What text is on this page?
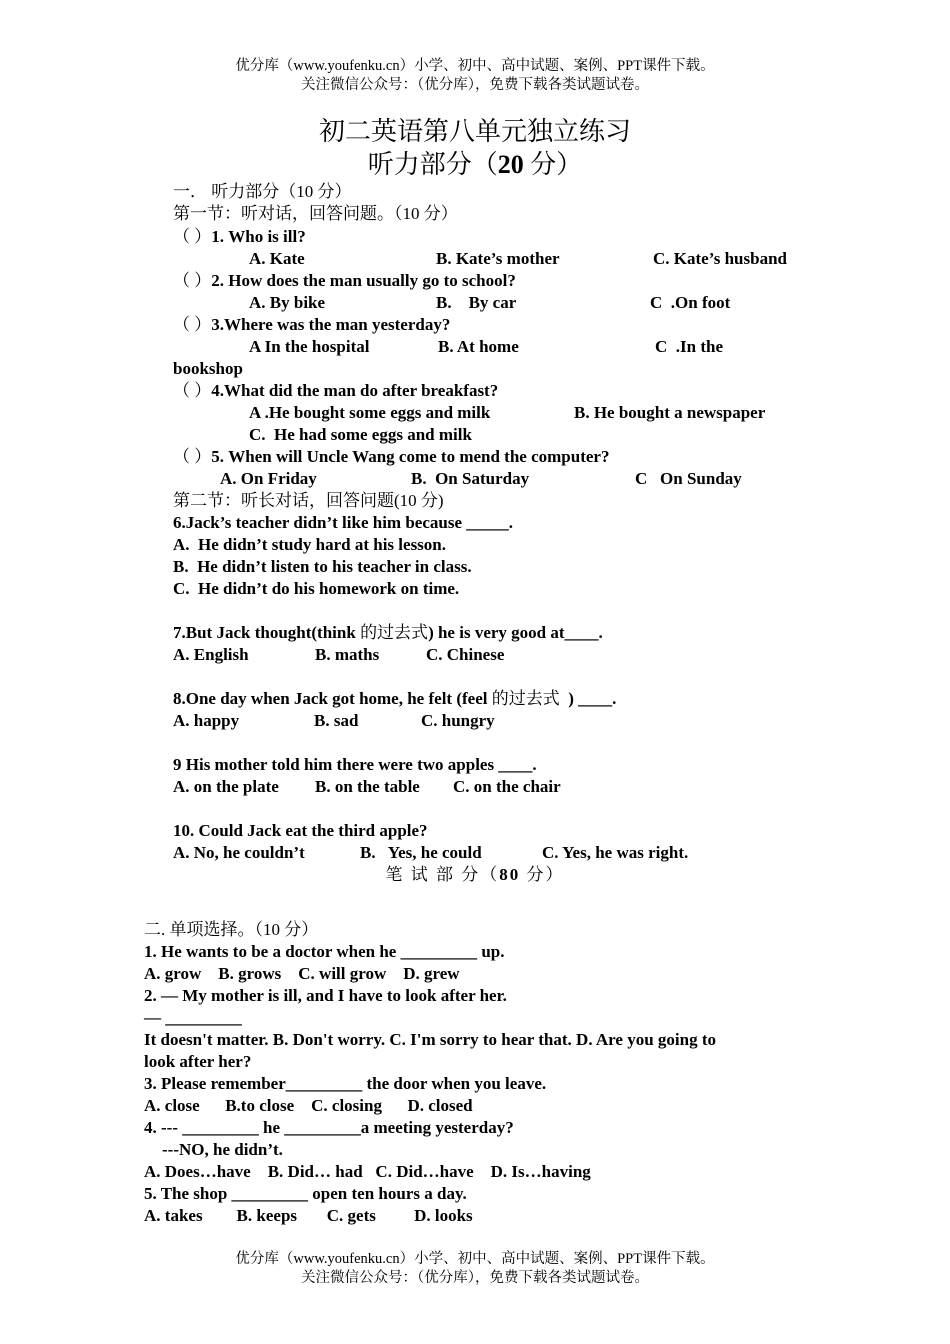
优分库（www.youfenku.cn）小学、初中、高中试题、案例、PPT课件下载。
关注微信公众号：（优分库），免费下载各类试题试卷。
初二英语第八单元独立练习
听力部分（20 分）
一． 听力部分（10 分）
第一节：听对话，回答问题。（10 分）
（ ）1. Who is ill?
A. Kate	B. Kate’s mother	C. Kate’s husband
（ ）2. How does the man usually go to school?
A. By bike	B.    By car	C  .On foot
（ ）3.Where was the man yesterday?
A In the hospital	B. At home	C  .In the
bookshop
（ ）4.What did the man do after breakfast?
A .He bought some eggs and milk	B. He bought a newspaper
C.  He had some eggs and milk
（ ）5. When will Uncle Wang come to mend the computer?
A. On Friday	B.  On Saturday	C   On Sunday
第二节：听长对话，回答问题(10 分)
6.Jack’s teacher didn’t like him because _____.
A.  He didn’t study hard at his lesson.
B.  He didn’t listen to his teacher in class.
C.  He didn’t do his homework on time.
7.But Jack thought(think 的过去式) he is very good at____.
A. English	B. maths	C. Chinese
8.One day when Jack got home, he felt (feel 的过去式  ) ____.
A. happy	B. sad	C. hungry
9 His mother told him there were two apples ____.
A. on the plate B. on the table C. on the chair
10. Could Jack eat the third apple?
A. No, he couldn’t	B.   Yes, he could	C. Yes, he was right.
笔 试 部 分（80 分）
二. 单项选择。（10 分）
1. He wants to be a doctor when he _________ up.
A. grow    B. grows    C. will grow    D. grew
2. — My mother is ill, and I have to look after her.
— _________
It doesn't matter. B. Don't worry. C. I'm sorry to hear that. D. Are you going to
look after her?
3. Please remember_________ the door when you leave.
A. close      B.to close    C. closing      D. closed
4. --- _________ he _________a meeting yesterday?
---NO, he didn’t.
A. Does…have    B. Did… had   C. Did…have    D. Is…having
5. The shop _________ open ten hours a day.
A. takes        B. keeps       C. gets         D. looks
优分库（www.youfenku.cn）小学、初中、高中试题、案例、PPT课件下载。
关注微信公众号：（优分库），免费下载各类试题试卷。
